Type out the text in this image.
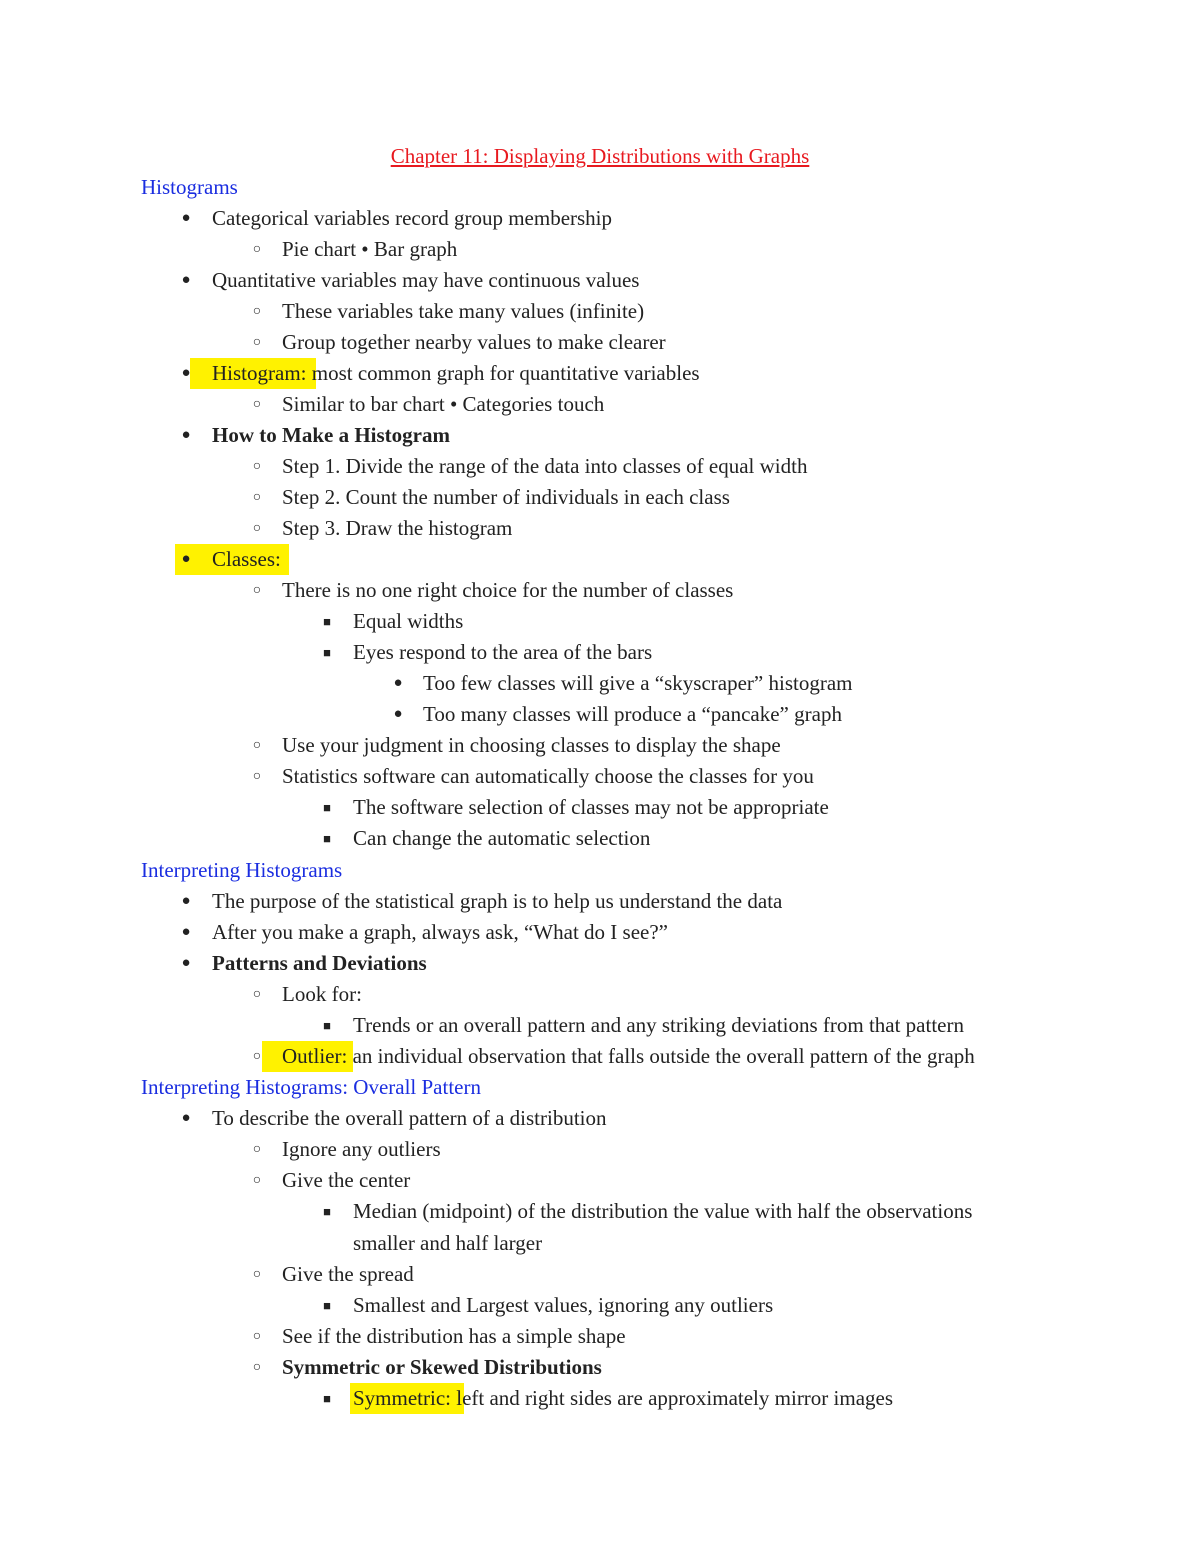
Chapter 11: Displaying Distributions with Graphs
Histograms
●	Categorical variables record group membership
○ Pie chart • Bar graph
●	Quantitative variables may have continuous values
○ These variables take many values (infinite)
○ Group together nearby values to make clearer
●	Histogram: most common graph for quantitative variables
○ Similar to bar chart • Categories touch
●	How to Make a Histogram
○ Step 1. Divide the range of the data into classes of equal width
○ Step 2. Count the number of individuals in each class
○ Step 3. Draw the histogram
●	Classes:
○ There is no one right choice for the number of classes
■	Equal widths
■	Eyes respond to the area of the bars
● Too few classes will give a “skyscraper” histogram
● Too many classes will produce a “pancake” graph
○ Use your judgment in choosing classes to display the shape
○ Statistics software can automatically choose the classes for you
■	The software selection of classes may not be appropriate
■	Can change the automatic selection
Interpreting Histograms
●	The purpose of the statistical graph is to help us understand the data
●	After you make a graph, always ask, “What do I see?”
●	Patterns and Deviations
○ Look for:
■	Trends or an overall pattern and any striking deviations from that pattern
○ Outlier: an individual observation that falls outside the overall pattern of the graph
Interpreting Histograms: Overall Pattern
●	To describe the overall pattern of a distribution
○ Ignore any outliers
○ Give the center
■	Median (midpoint) of the distribution the value with half the observations
smaller and half larger
○ Give the spread
■	Smallest and Largest values, ignoring any outliers
○ See if the distribution has a simple shape
○ Symmetric or Skewed Distributions
■	Symmetric: left and right sides are approximately mirror images
